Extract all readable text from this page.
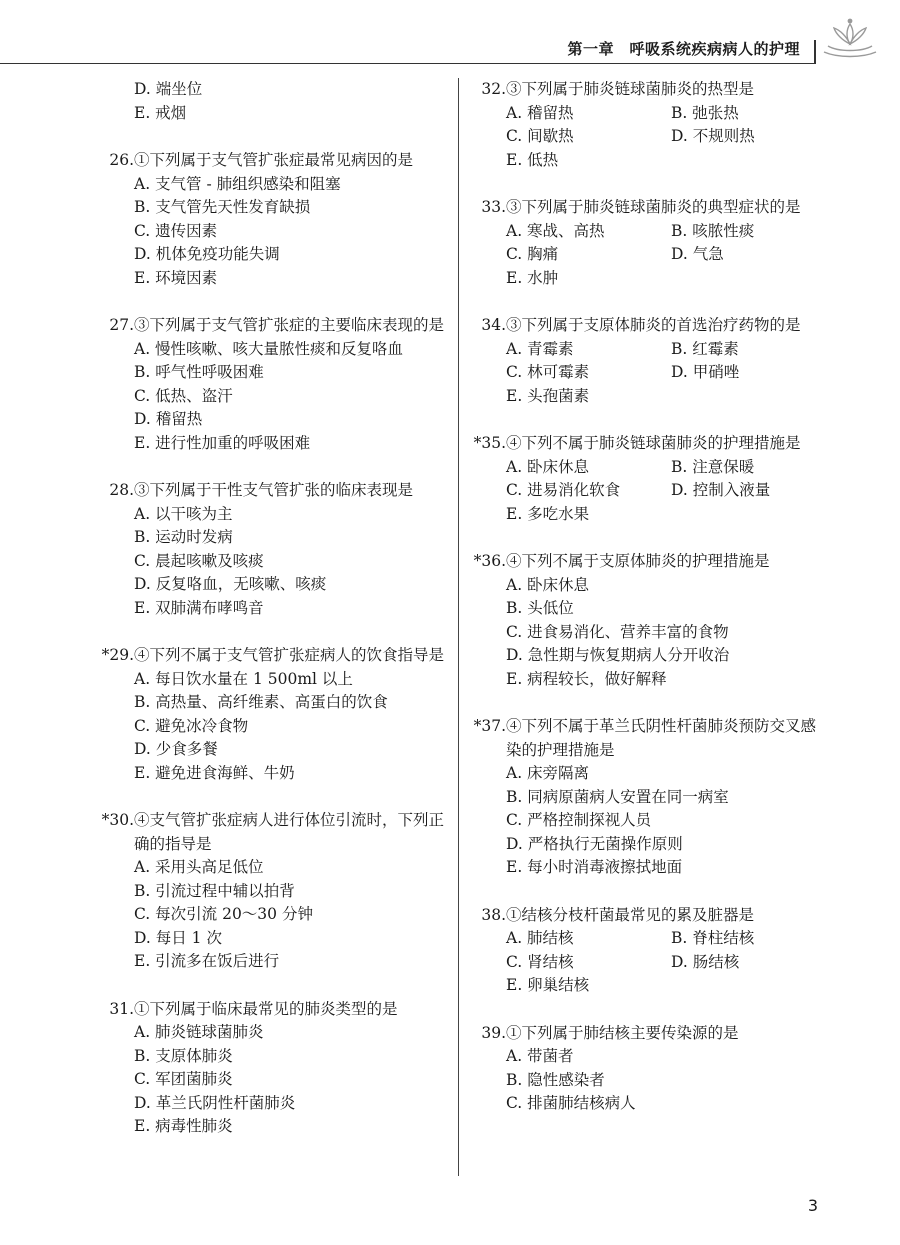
第一章　呼吸系统疾病病人的护理
D. 端坐位
E. 戒烟
26. ①下列属于支气管扩张症最常见病因的是
A. 支气管 - 肺组织感染和阻塞
B. 支气管先天性发育缺损
C. 遗传因素
D. 机体免疫功能失调
E. 环境因素
27. ③下列属于支气管扩张症的主要临床表现的是
A. 慢性咳嗽、咳大量脓性痰和反复咯血
B. 呼气性呼吸困难
C. 低热、盗汗
D. 稽留热
E. 进行性加重的呼吸困难
28. ③下列属于干性支气管扩张的临床表现是
A. 以干咳为主
B. 运动时发病
C. 晨起咳嗽及咳痰
D. 反复咯血，无咳嗽、咳痰
E. 双肺满布哮鸣音
*29. ④下列不属于支气管扩张症病人的饮食指导是
A. 每日饮水量在 1 500ml 以上
B. 高热量、高纤维素、高蛋白的饮食
C. 避免冰冷食物
D. 少食多餐
E. 避免进食海鲜、牛奶
*30. ④支气管扩张症病人进行体位引流时，下列正确的指导是
A. 采用头高足低位
B. 引流过程中辅以拍背
C. 每次引流 20～30 分钟
D. 每日 1 次
E. 引流多在饭后进行
31. ①下列属于临床最常见的肺炎类型的是
A. 肺炎链球菌肺炎
B. 支原体肺炎
C. 军团菌肺炎
D. 革兰氏阴性杆菌肺炎
E. 病毒性肺炎
32. ③下列属于肺炎链球菌肺炎的热型是
A. 稽留热	B. 弛张热
C. 间歇热	D. 不规则热
E. 低热
33. ③下列属于肺炎链球菌肺炎的典型症状的是
A. 寒战、高热	B. 咳脓性痰
C. 胸痛	D. 气急
E. 水肿
34. ③下列属于支原体肺炎的首选治疗药物的是
A. 青霉素	B. 红霉素
C. 林可霉素	D. 甲硝唑
E. 头孢菌素
*35. ④下列不属于肺炎链球菌肺炎的护理措施是
A. 卧床休息	B. 注意保暖
C. 进易消化软食	D. 控制入液量
E. 多吃水果
*36. ④下列不属于支原体肺炎的护理措施是
A. 卧床休息
B. 头低位
C. 进食易消化、营养丰富的食物
D. 急性期与恢复期病人分开收治
E. 病程较长，做好解释
*37. ④下列不属于革兰氏阴性杆菌肺炎预防交叉感染的护理措施是
A. 床旁隔离
B. 同病原菌病人安置在同一病室
C. 严格控制探视人员
D. 严格执行无菌操作原则
E. 每小时消毒液擦拭地面
38. ①结核分枝杆菌最常见的累及脏器是
A. 肺结核	B. 脊柱结核
C. 肾结核	D. 肠结核
E. 卵巢结核
39. ①下列属于肺结核主要传染源的是
A. 带菌者
B. 隐性感染者
C. 排菌肺结核病人
3
